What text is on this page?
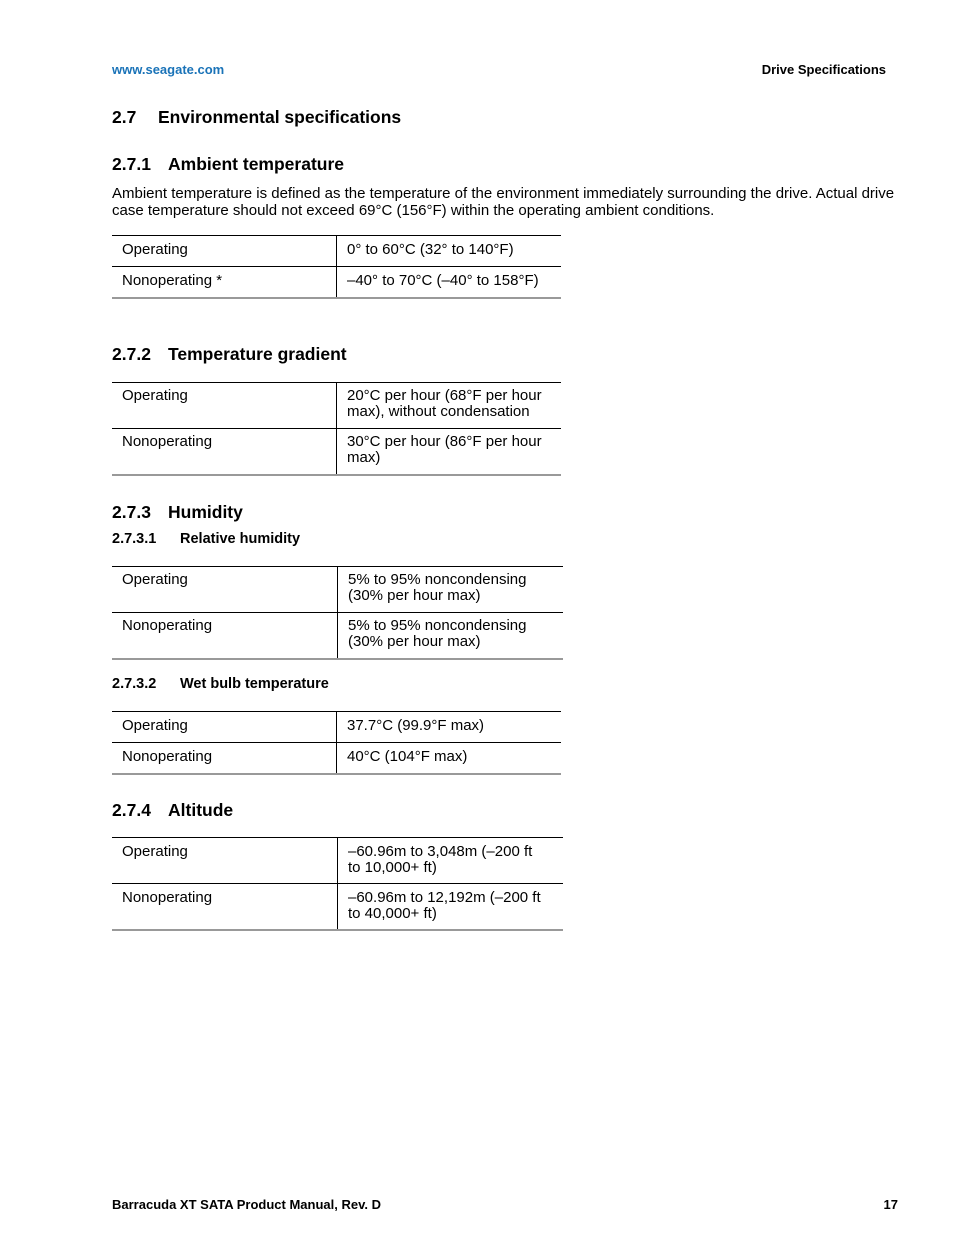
www.seagate.com	Drive Specifications
2.7 Environmental specifications
2.7.1 Ambient temperature
Ambient temperature is defined as the temperature of the environment immediately surrounding the drive. Actual drive case temperature should not exceed 69°C (156°F) within the operating ambient conditions.
Operating	0° to 60°C (32° to 140°F)
Nonoperating *	–40° to 70°C (–40° to 158°F)
2.7.2 Temperature gradient
Operating	20°C per hour (68°F per hour
max), without condensation

Nonoperating	30°C per hour (86°F per hour
max)
2.7.3 Humidity
2.7.3.1 Relative humidity
Operating	5% to 95% noncondensing
(30% per hour max)

Nonoperating	5% to 95% noncondensing
(30% per hour max)
2.7.3.2 Wet bulb temperature
Operating	37.7°C (99.9°F max)
Nonoperating	40°C (104°F max)
2.7.4 Altitude
Operating	–60.96m to 3,048m (–200 ft
to 10,000+ ft)

Nonoperating	–60.96m to 12,192m (–200 ft
to 40,000+ ft)
Barracuda XT SATA Product Manual, Rev. D	17
